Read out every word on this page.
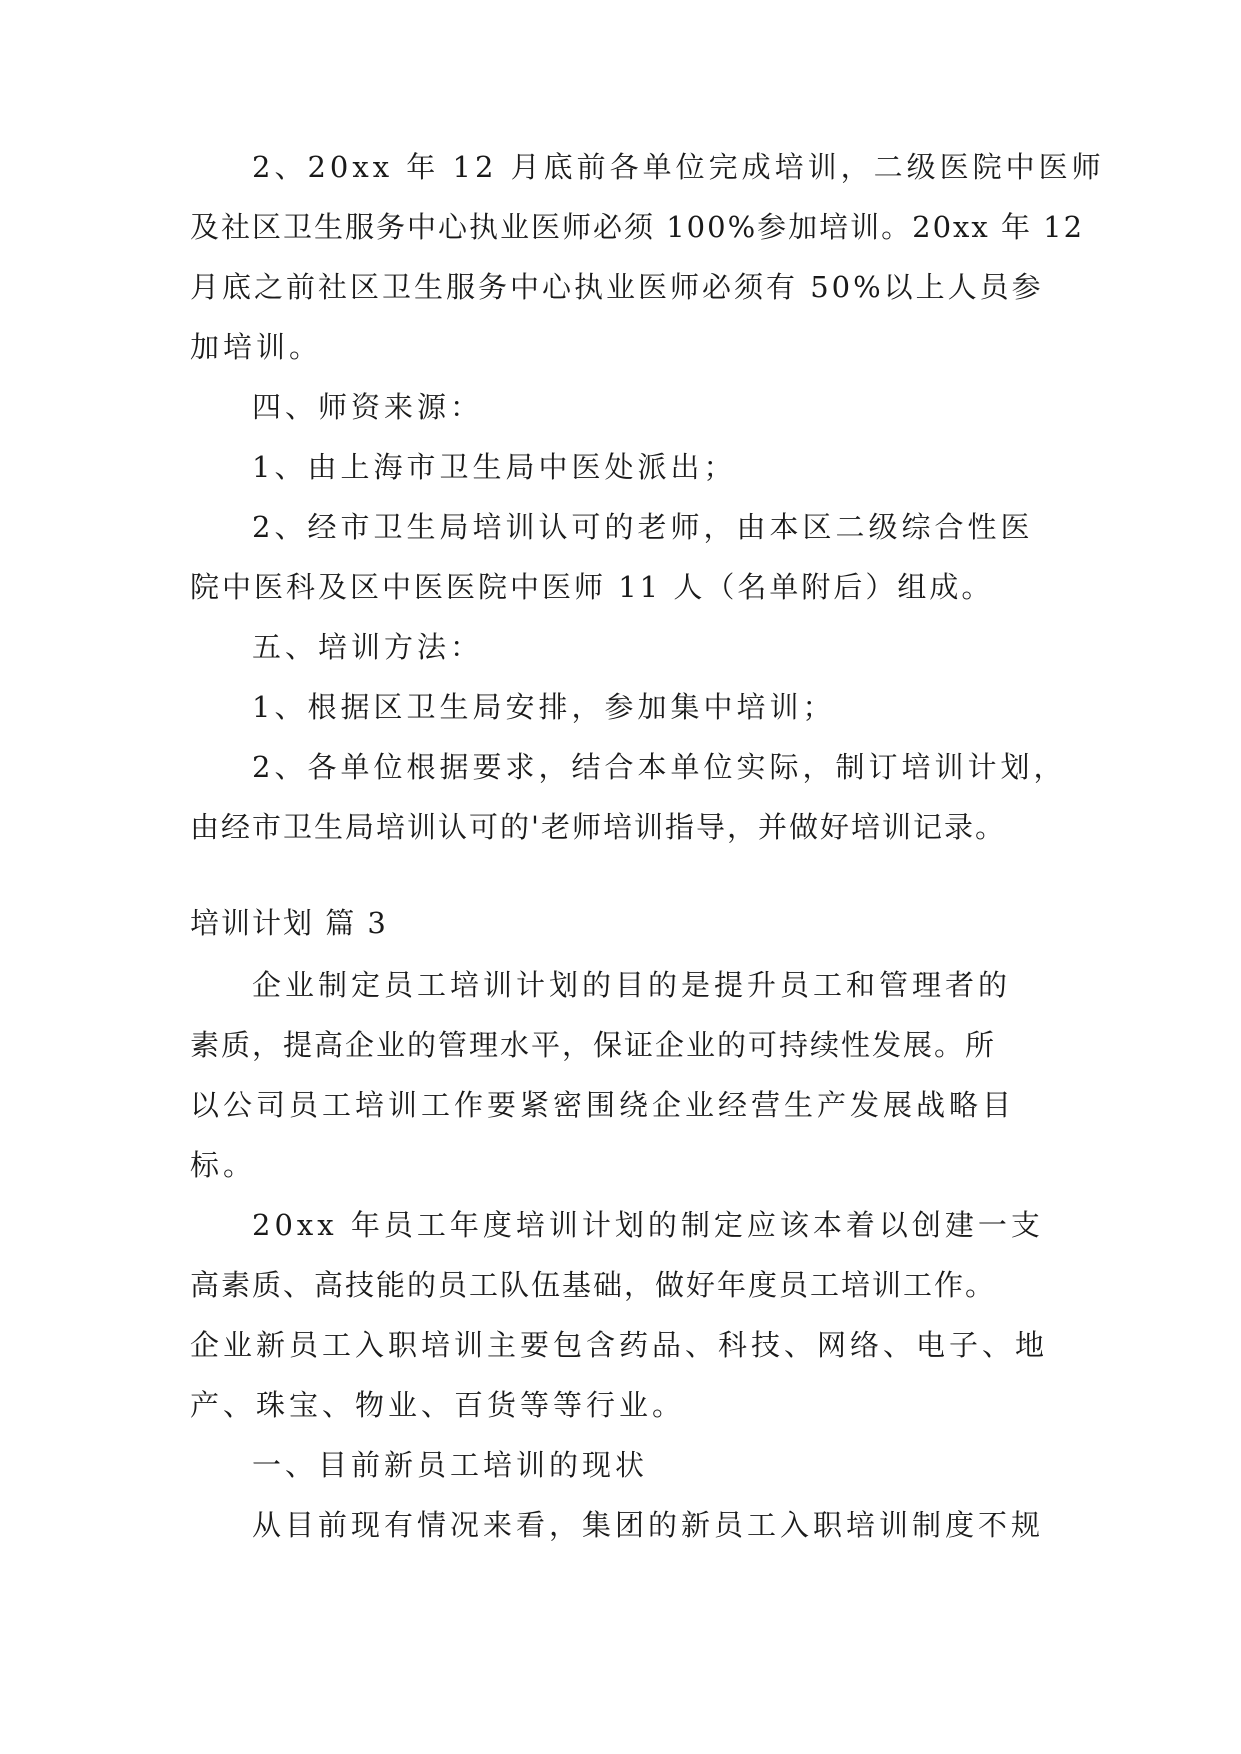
2、20xx 年 12 月底前各单位完成培训，二级医院中医师
及社区卫生服务中心执业医师必须 100%参加培训。20xx 年 12
月底之前社区卫生服务中心执业医师必须有 50%以上人员参
加培训。
四、师资来源：
1、由上海市卫生局中医处派出；
2、经市卫生局培训认可的老师，由本区二级综合性医
院中医科及区中医医院中医师 11 人（名单附后）组成。
五、培训方法：
1、根据区卫生局安排，参加集中培训；
2、各单位根据要求，结合本单位实际，制订培训计划，
由经市卫生局培训认可的'老师培训指导，并做好培训记录。
培训计划 篇 3
企业制定员工培训计划的目的是提升员工和管理者的
素质，提高企业的管理水平，保证企业的可持续性发展。所
以公司员工培训工作要紧密围绕企业经营生产发展战略目
标。
20xx 年员工年度培训计划的制定应该本着以创建一支
高素质、高技能的员工队伍基础，做好年度员工培训工作。
企业新员工入职培训主要包含药品、科技、网络、电子、地
产、珠宝、物业、百货等等行业。
一、目前新员工培训的现状
从目前现有情况来看，集团的新员工入职培训制度不规
